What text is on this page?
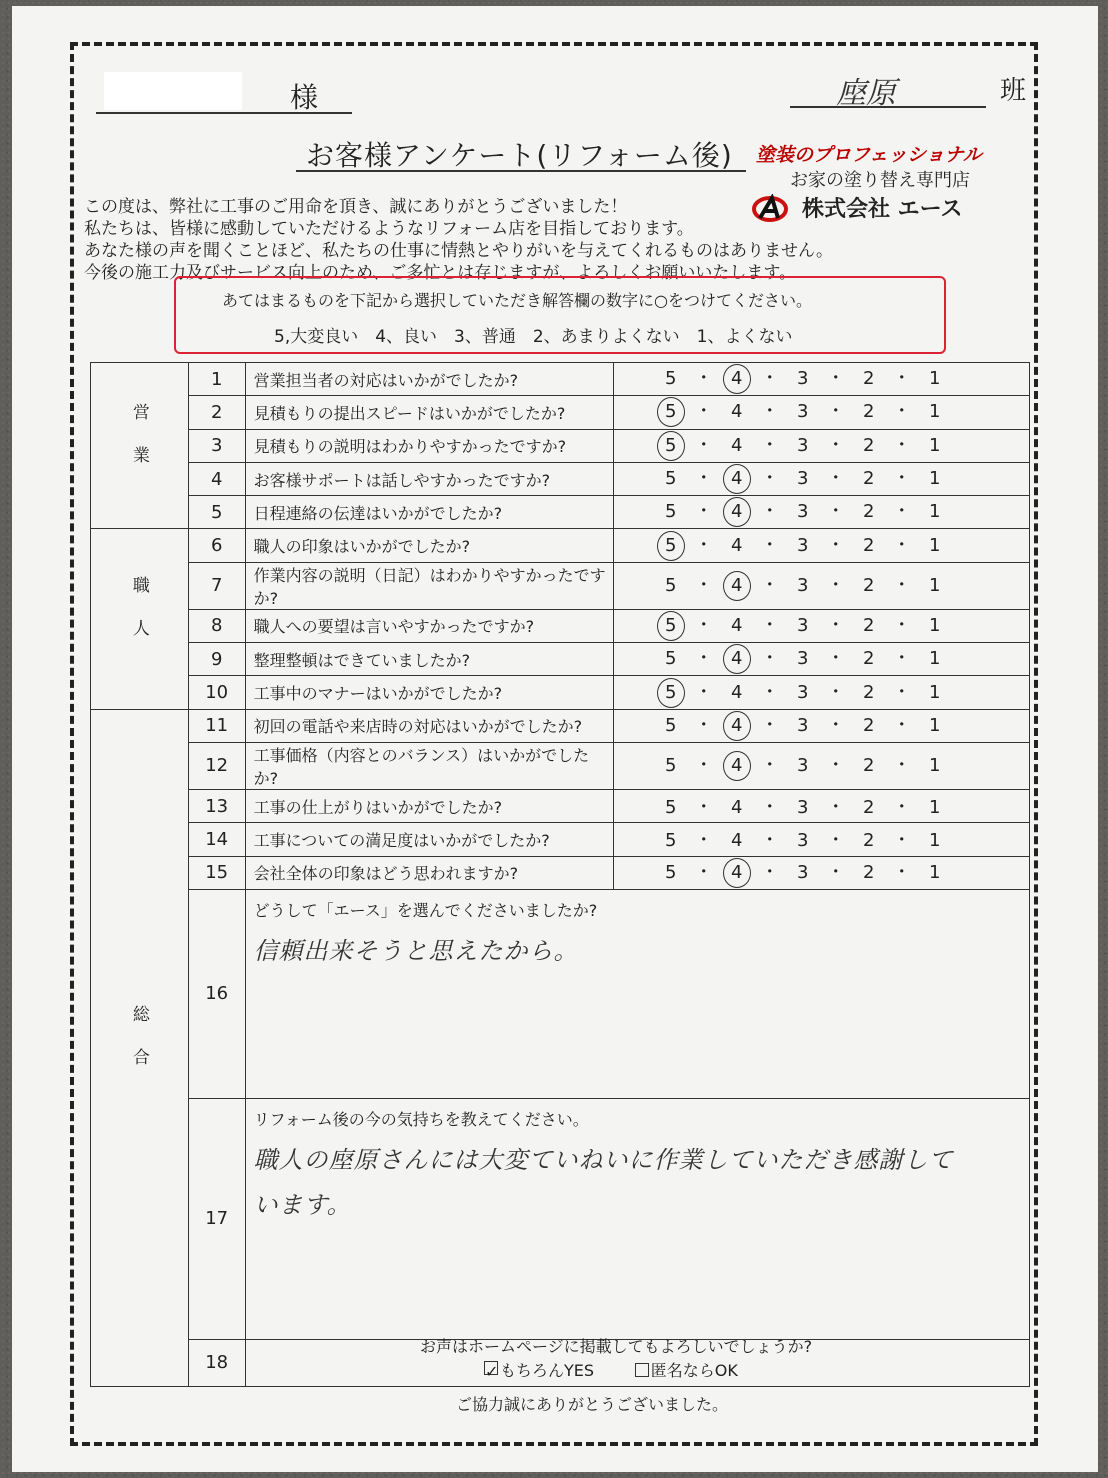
様	𫝷原	班
お客様アンケート(リフォーム後) 塗装のプロフェッショナル
お家の塗り替え専門店
株式会社 エース
この度は、弊社に工事のご用命を頂き、誠にありがとうございました！
私たちは、皆様に感動していただけるようなリフォーム店を目指しております。
あなた様の声を聞くことほど、私たちの仕事に情熱とやりがいを与えてくれるものはありません。
今後の施工力及びサービス向上のため、ご多忙とは存じますが、よろしくお願いいたします。
あてはまるものを下記から選択していただき解答欄の数字に○をつけてください。
5,大変良い　4、良い　3、普通　2、あまりよくない　1、よくない
営業	1	営業担当者の対応はいかがでしたか?	5 ・ 4 ・ 3 ・ 2 ・ 1
	2	見積もりの提出スピードはいかがでしたか?	5 ・ 4 ・ 3 ・ 2 ・ 1
	3	見積もりの説明はわかりやすかったですか?	5 ・ 4 ・ 3 ・ 2 ・ 1
	4	お客様サポートは話しやすかったですか?	5 ・ 4 ・ 3 ・ 2 ・ 1
	5	日程連絡の伝達はいかがでしたか?	5 ・ 4 ・ 3 ・ 2 ・ 1
職人	6	職人の印象はいかがでしたか?	5 ・ 4 ・ 3 ・ 2 ・ 1
	7	作業内容の説明（日記）はわかりやすかったですか?	5 ・ 4 ・ 3 ・ 2 ・ 1
	8	職人への要望は言いやすかったですか?	5 ・ 4 ・ 3 ・ 2 ・ 1
	9	整理整頓はできていましたか?	5 ・ 4 ・ 3 ・ 2 ・ 1
	10	工事中のマナーはいかがでしたか?	5 ・ 4 ・ 3 ・ 2 ・ 1
総合	11	初回の電話や来店時の対応はいかがでしたか?	5 ・ 4 ・ 3 ・ 2 ・ 1
	12	工事価格（内容とのバランス）はいかがでしたか?	5 ・ 4 ・ 3 ・ 2 ・ 1
	13	工事の仕上がりはいかがでしたか?	5 ・ 4 ・ 3 ・ 2 ・ 1
	14	工事についての満足度はいかがでしたか?	5 ・ 4 ・ 3 ・ 2 ・ 1
	15	会社全体の印象はどう思われますか?	5 ・ 4 ・ 3 ・ 2 ・ 1
	16	どうして「エース」を選んでくださいましたか?
信頼出来そうと思えたから。	

	17	リフォーム後の今の気持ちを教えてください。
職人の𫝷原さんには大変ていねいに作業していただき感謝して
います。	

	18		
お声はホームページに掲載してもよろしいでしょうか?
✓もちろんYES	匿名ならOK
ご協力誠にありがとうございました。
